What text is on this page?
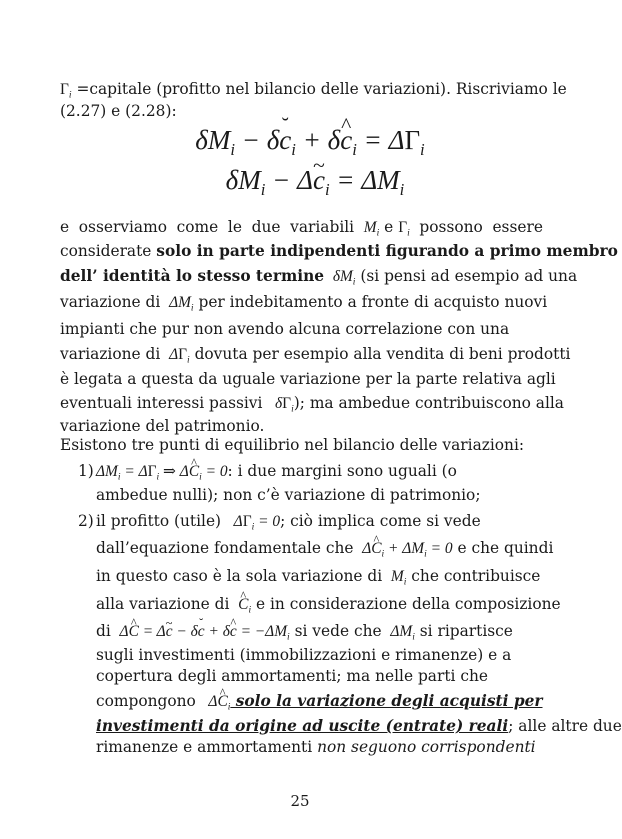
$\Gamma_i$ =capitale (profitto nel bilancio delle variazioni). Riscriviamo le
(2.27) e (2.28):
$\delta M_i - \delta c$ $˘_i + \delta c$ $\^{}_i = \Delta\Gamma_i$
$\delta M_i - \Delta c$ $\sim_i = \Delta M_i$
e osserviamo come le due variabili $M_i$ e $\Gamma_i$ possono essere
considerate solo in parte indipendenti figurando a primo membro
dell’ identità lo stesso termine  $\delta M_i$ (si pensi ad esempio ad una
variazione di  $\Delta M_i$ per indebitamento a fronte di acquisto nuovi
impianti che pur non avendo alcuna correlazione con una
variazione di  $\Delta\Gamma_i$ dovuta per esempio alla vendita di beni prodotti
è legata a questa da uguale variazione per la parte relativa agli
eventuali interessi passivi   $\delta\Gamma_i$); ma ambedue contribuiscono alla
variazione del patrimonio.
Esistono tre punti di equilibrio nel bilancio delle variazioni:
1) $\Delta M_i = \Delta\Gamma_i$ ⇒ ΔC $\^{}_i = 0$: i due margini sono uguali (o
ambedue nulli); non c’è variazione di patrimonio;
2) il profitto (utile)   $\Delta\Gamma_i = 0$; ciò implica come si vede
dall’equazione fondamentale che  ΔC $\^{}_i + \Delta M_i = 0$ e che quindi
in questo caso è la sola variazione di  $M_i$ che contribuisce
alla variazione di C $\^{}_i$ e in considerazione della composizione
di  ΔC ^ = Δc ~ − δc ˘ + δc ^ = $-\Delta M_i$ si vede che  $\Delta M_i$ si ripartisce
sugli investimenti (immobilizzazioni e rimanenze) e a
copertura degli ammortamenti; ma nelle parti che
compongono   ΔC $\^{}_i$ solo la variazione degli acquisti per
investimenti da origine ad uscite (entrate) reali; alle altre due
rimanenze e ammortamenti non seguono corrispondenti
25
